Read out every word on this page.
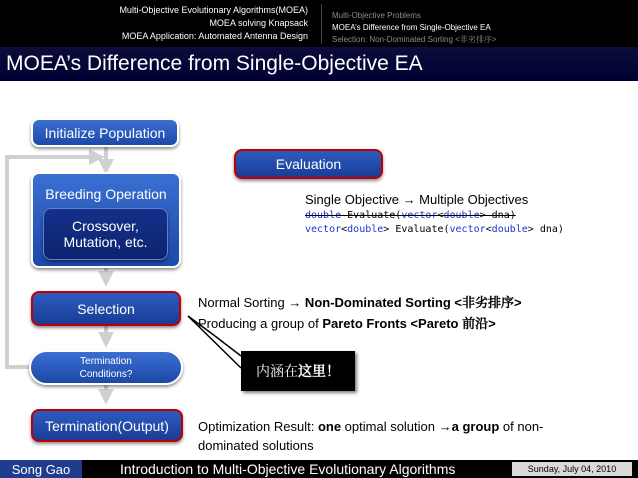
Multi-Objective Evolutionary Algorithms(MOEA)
MOEA solving Knapsack
MOEA Application: Automated Antenna Design
Multi-Objective Problems
MOEA’s Difference from Single-Objective EA
Selection: Non-Dominated Sorting <非劣排序>
MOEA’s Difference from Single-Objective EA
Initialize Population
Evaluation
Breeding Operation
Crossover,
Mutation, etc.
Selection
Termination
Conditions?
Termination(Output)
Single Objective → Multiple Objectives
double Evaluate(vector<double> dna)
vector<double> Evaluate(vector<double> dna)
Normal Sorting → Non-Dominated Sorting <非劣排序>
Producing a group of Pareto Fronts <Pareto 前沿>
内涵在 这里！
Optimization Result: one optimal solution →a group of non-
dominated solutions
Song Gao	Introduction to Multi-Objective Evolutionary Algorithms	Sunday, July 04, 2010
